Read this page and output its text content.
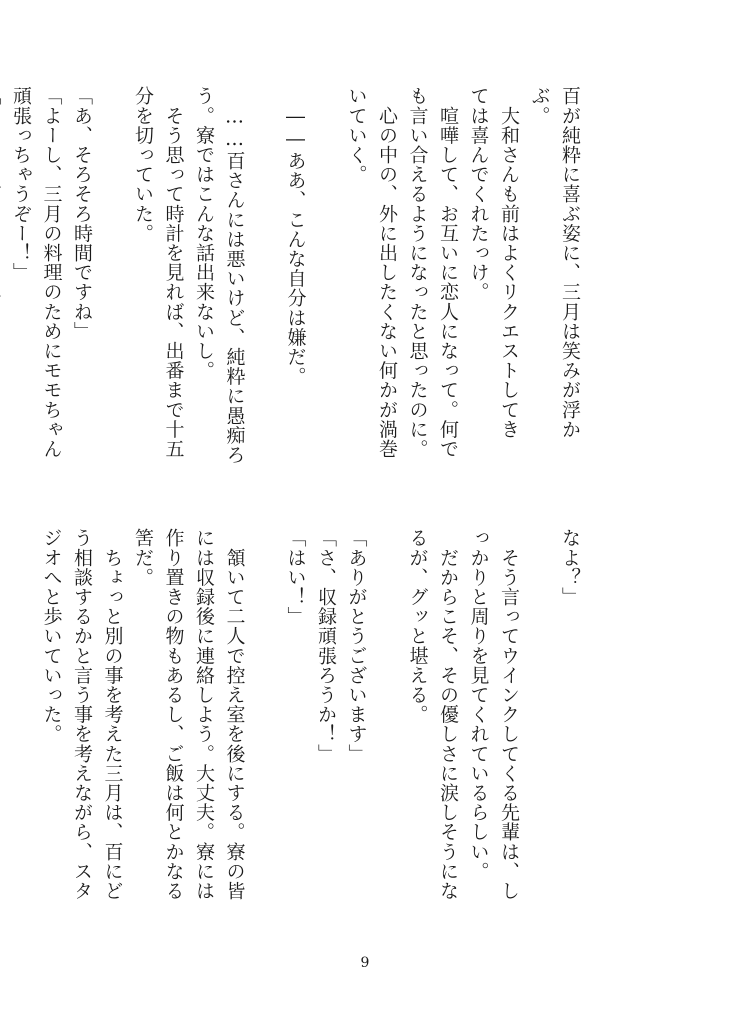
百が純粋に喜ぶ姿に、三月は笑みが浮か
ぶ。
　大和さんも前はよくリクエストしてき
ては喜んでくれたっけ。
　喧嘩して、お互いに恋人になって。何で
も言い合えるようになったと思ったのに。
　心の中の、外に出したくない何かが渦巻
いていく。

　――ああ、こんな自分は嫌だ。

　……百さんには悪いけど、純粋に愚痴ろ
う。寮ではこんな話出来ないし。
　そう思って時計を見れば、出番まで十五
分を切っていた。

「あ、そろそろ時間ですね」
「よーし、三月の料理のためにモモちゃん
頑張っちゃうぞー！」
なよ？」

　そう言ってウインクしてくる先輩は、し
っかりと周りを見てくれているらしい。
　だからこそ、その優しさに涙しそうにな
るが、グッと堪える。

「ありがとうございます」
「さ、収録頑張ろうか！」
「はい！」

　頷いて二人で控え室を後にする。寮の皆
には収録後に連絡しよう。大丈夫。寮には
作り置きの物もあるし、ご飯は何とかなる
筈だ。
　ちょっと別の事を考えた三月は、百にど
う相談するかと言う事を考えながら、スタ
ジオへと歩いていった。
9
